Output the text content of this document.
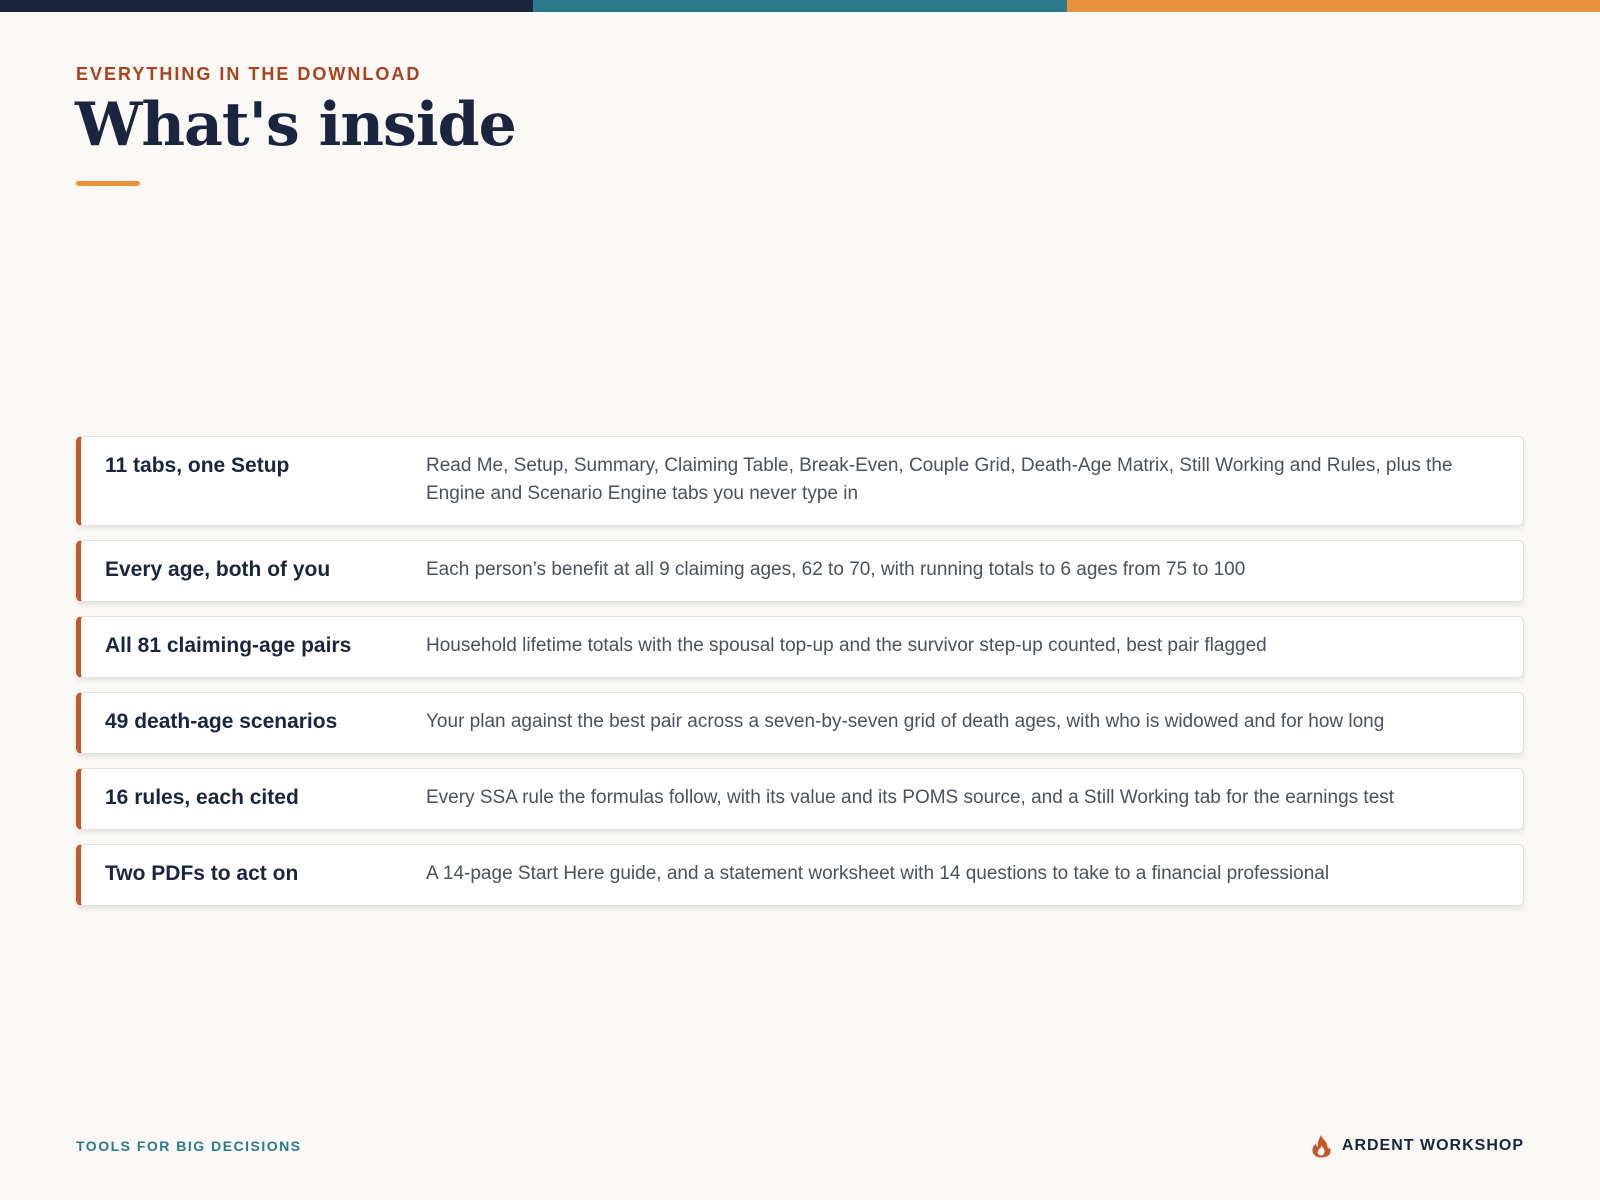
EVERYTHING IN THE DOWNLOAD
What's inside
11 tabs, one Setup	Read Me, Setup, Summary, Claiming Table, Break-Even, Couple Grid, Death-Age Matrix, Still Working and Rules, plus the Engine and Scenario Engine tabs you never type in
Every age, both of you	Each person’s benefit at all 9 claiming ages, 62 to 70, with running totals to 6 ages from 75 to 100
All 81 claiming-age pairs	Household lifetime totals with the spousal top-up and the survivor step-up counted, best pair flagged
49 death-age scenarios	Your plan against the best pair across a seven-by-seven grid of death ages, with who is widowed and for how long
16 rules, each cited	Every SSA rule the formulas follow, with its value and its POMS source, and a Still Working tab for the earnings test
Two PDFs to act on	A 14-page Start Here guide, and a statement worksheet with 14 questions to take to a financial professional
TOOLS FOR BIG DECISIONS	ARDENT WORKSHOP
